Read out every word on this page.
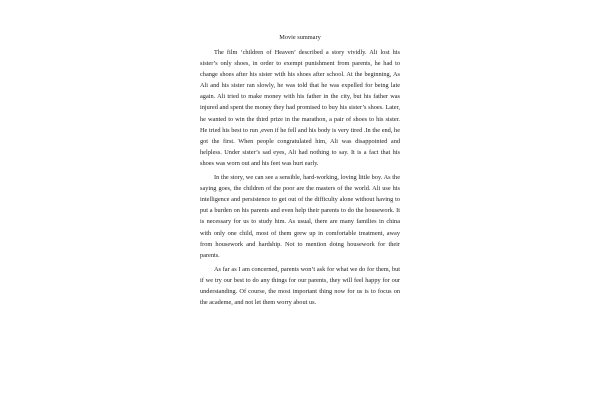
Movie summary

The film ‘children of Heaven’ described a story vividly. Ali lost his sister’s only shoes, in order to exempt punishment from parents, he had to change shoes after his sister with his shoes after school. At the beginning, As Ali and his sister ran slowly, he was told that he was expelled for being late again. Ali tried to make money with his father in the city, but his father was injured and spent the money they had promised to buy his sister’s shoes. Later, he wanted to win the third prize in the marathon, a pair of shoes to his sister. He tried his best to run ,even if he fell and his body is very tired .In the end, he got the first. When people congratulated him, Ali was disappointed and helpless. Under sister’s sad eyes, Ali had nothing to say. It is a fact that his shoes was worn out and his feet was hurt early.

In the story, we can see a sensible, hard-working, loving little boy. As the saying goes, the children of the poor are the masters of the world. Ali use his intelligence and persistence to get out of the difficulty alone without having to put a burden on his parents and even help their parents to do the housework. It is necessary for us to study him. As usual, there are many families in china with only one child, most of them grew up in comfortable treatment, away from housework and hardship. Not to mention doing housework for their parents.

As far as I am concerned, parents won’t ask for what we do for them, but if we try our best to do any things for our parents, they will feel happy for our understanding. Of course, the most important thing now for us is to focus on the academe, and not let them worry about us.
